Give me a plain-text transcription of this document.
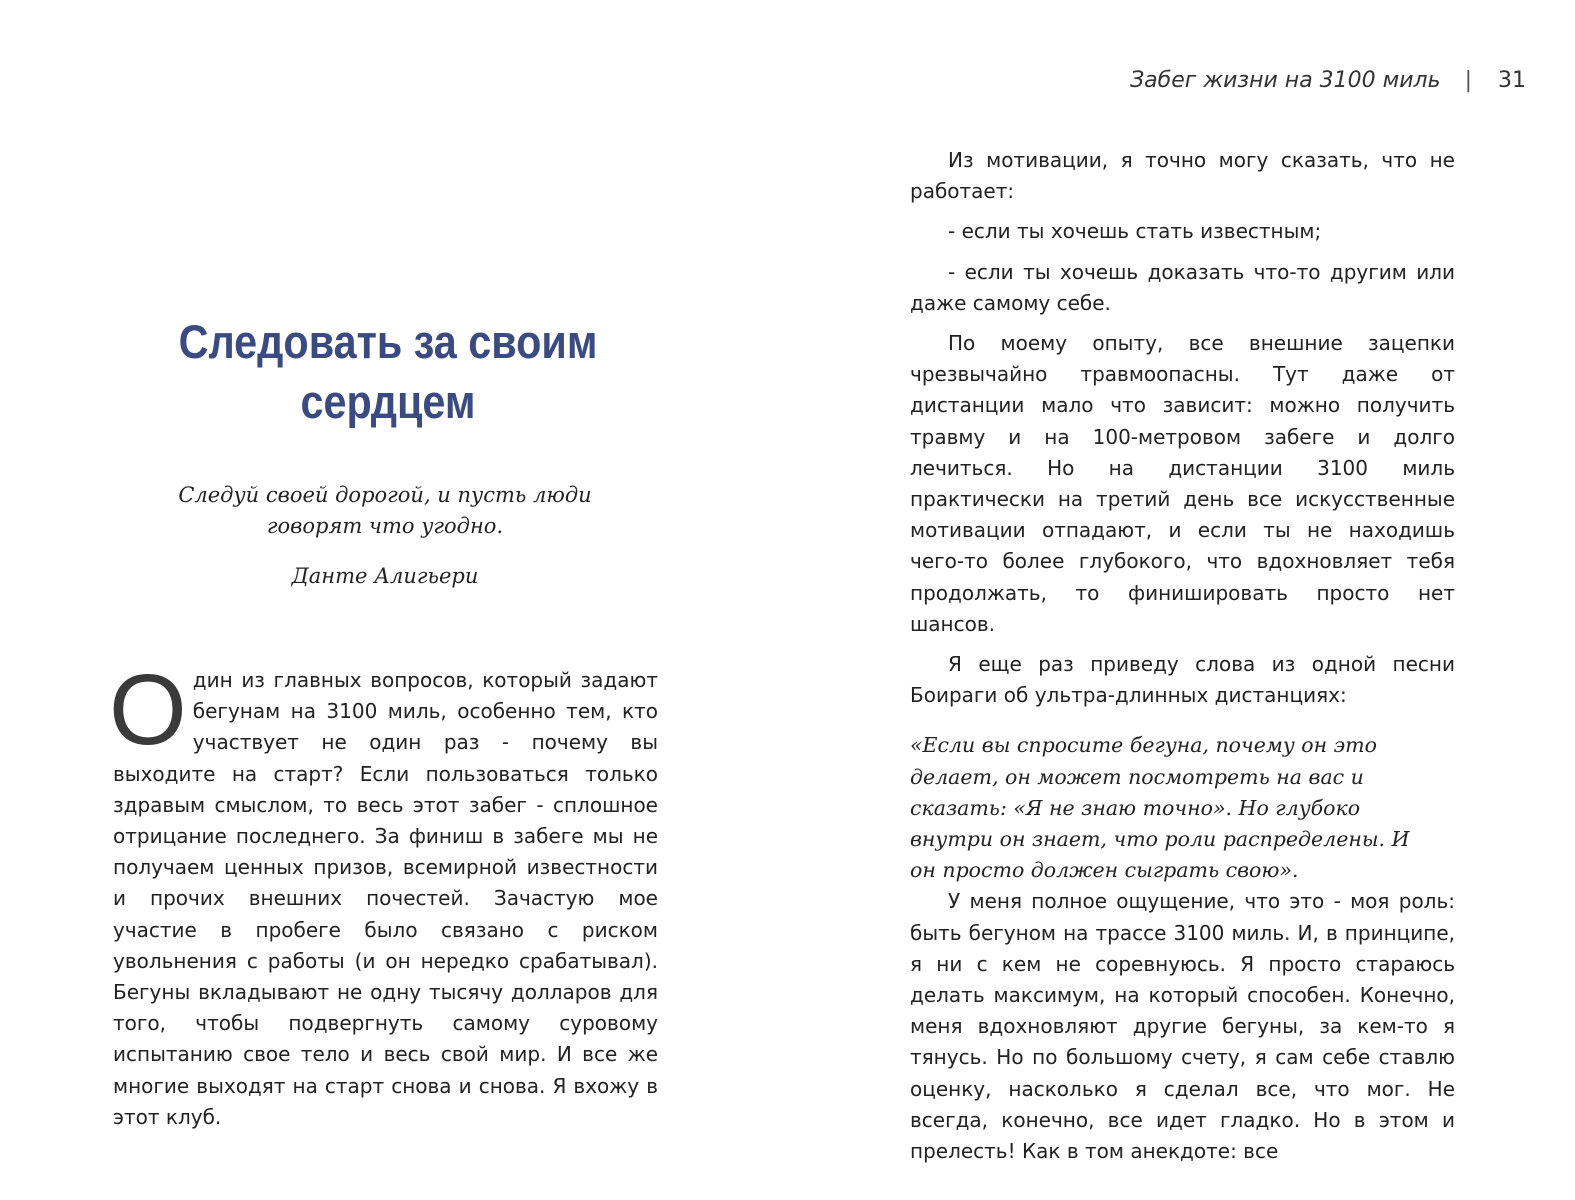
Следовать за своим
сердцем

Следуй своей дорогой, и пусть люди
говорят что угодно.

Данте Алигьери

Один из главных вопросов, который задают бегунам на 3100 миль, особенно тем, кто участвует не один раз - почему вы выходите на старт? Если пользоваться только здравым смыслом, то весь этот забег - сплошное отрицание последнего. За финиш в забеге мы не получаем ценных призов, всемирной известности и прочих внешних почестей. Зачастую мое участие в пробеге было связано с риском увольнения с работы (и он нередко срабатывал). Бегуны вкладывают не одну тысячу долларов для того, чтобы подвергнуть самому суровому испытанию свое тело и весь свой мир. И все же многие выходят на старт снова и снова. Я вхожу в этот клуб.

Забег жизни на 3100 миль | 31

Из мотивации, я точно могу сказать, что не работает:

- если ты хочешь стать известным;

- если ты хочешь доказать что-то другим или даже самому себе.

По моему опыту, все внешние зацепки чрезвычайно травмоопасны. Тут даже от дистанции мало что зависит: можно получить травму и на 100-метровом забеге и долго лечиться. Но на дистанции 3100 миль практически на третий день все искусственные мотивации отпадают, и если ты не находишь чего-то более глубокого, что вдохновляет тебя продолжать, то финишировать просто нет шансов.

Я еще раз приведу слова из одной песни Боираги об ультра-длинных дистанциях:

«Если вы спросите бегуна, почему он это делает, он может посмотреть на вас и сказать: «Я не знаю точно». Но глубоко внутри он знает, что роли распределены. И он просто должен сыграть свою».

У меня полное ощущение, что это - моя роль: быть бегуном на трассе 3100 миль. И, в принципе, я ни с кем не соревнуюсь. Я просто стараюсь делать максимум, на который способен. Конечно, меня вдохновляют другие бегуны, за кем-то я тянусь. Но по большому счету, я сам себе ставлю оценку, насколько я сделал все, что мог. Не всегда, конечно, все идет гладко. Но в этом и прелесть! Как в том анекдоте: все
